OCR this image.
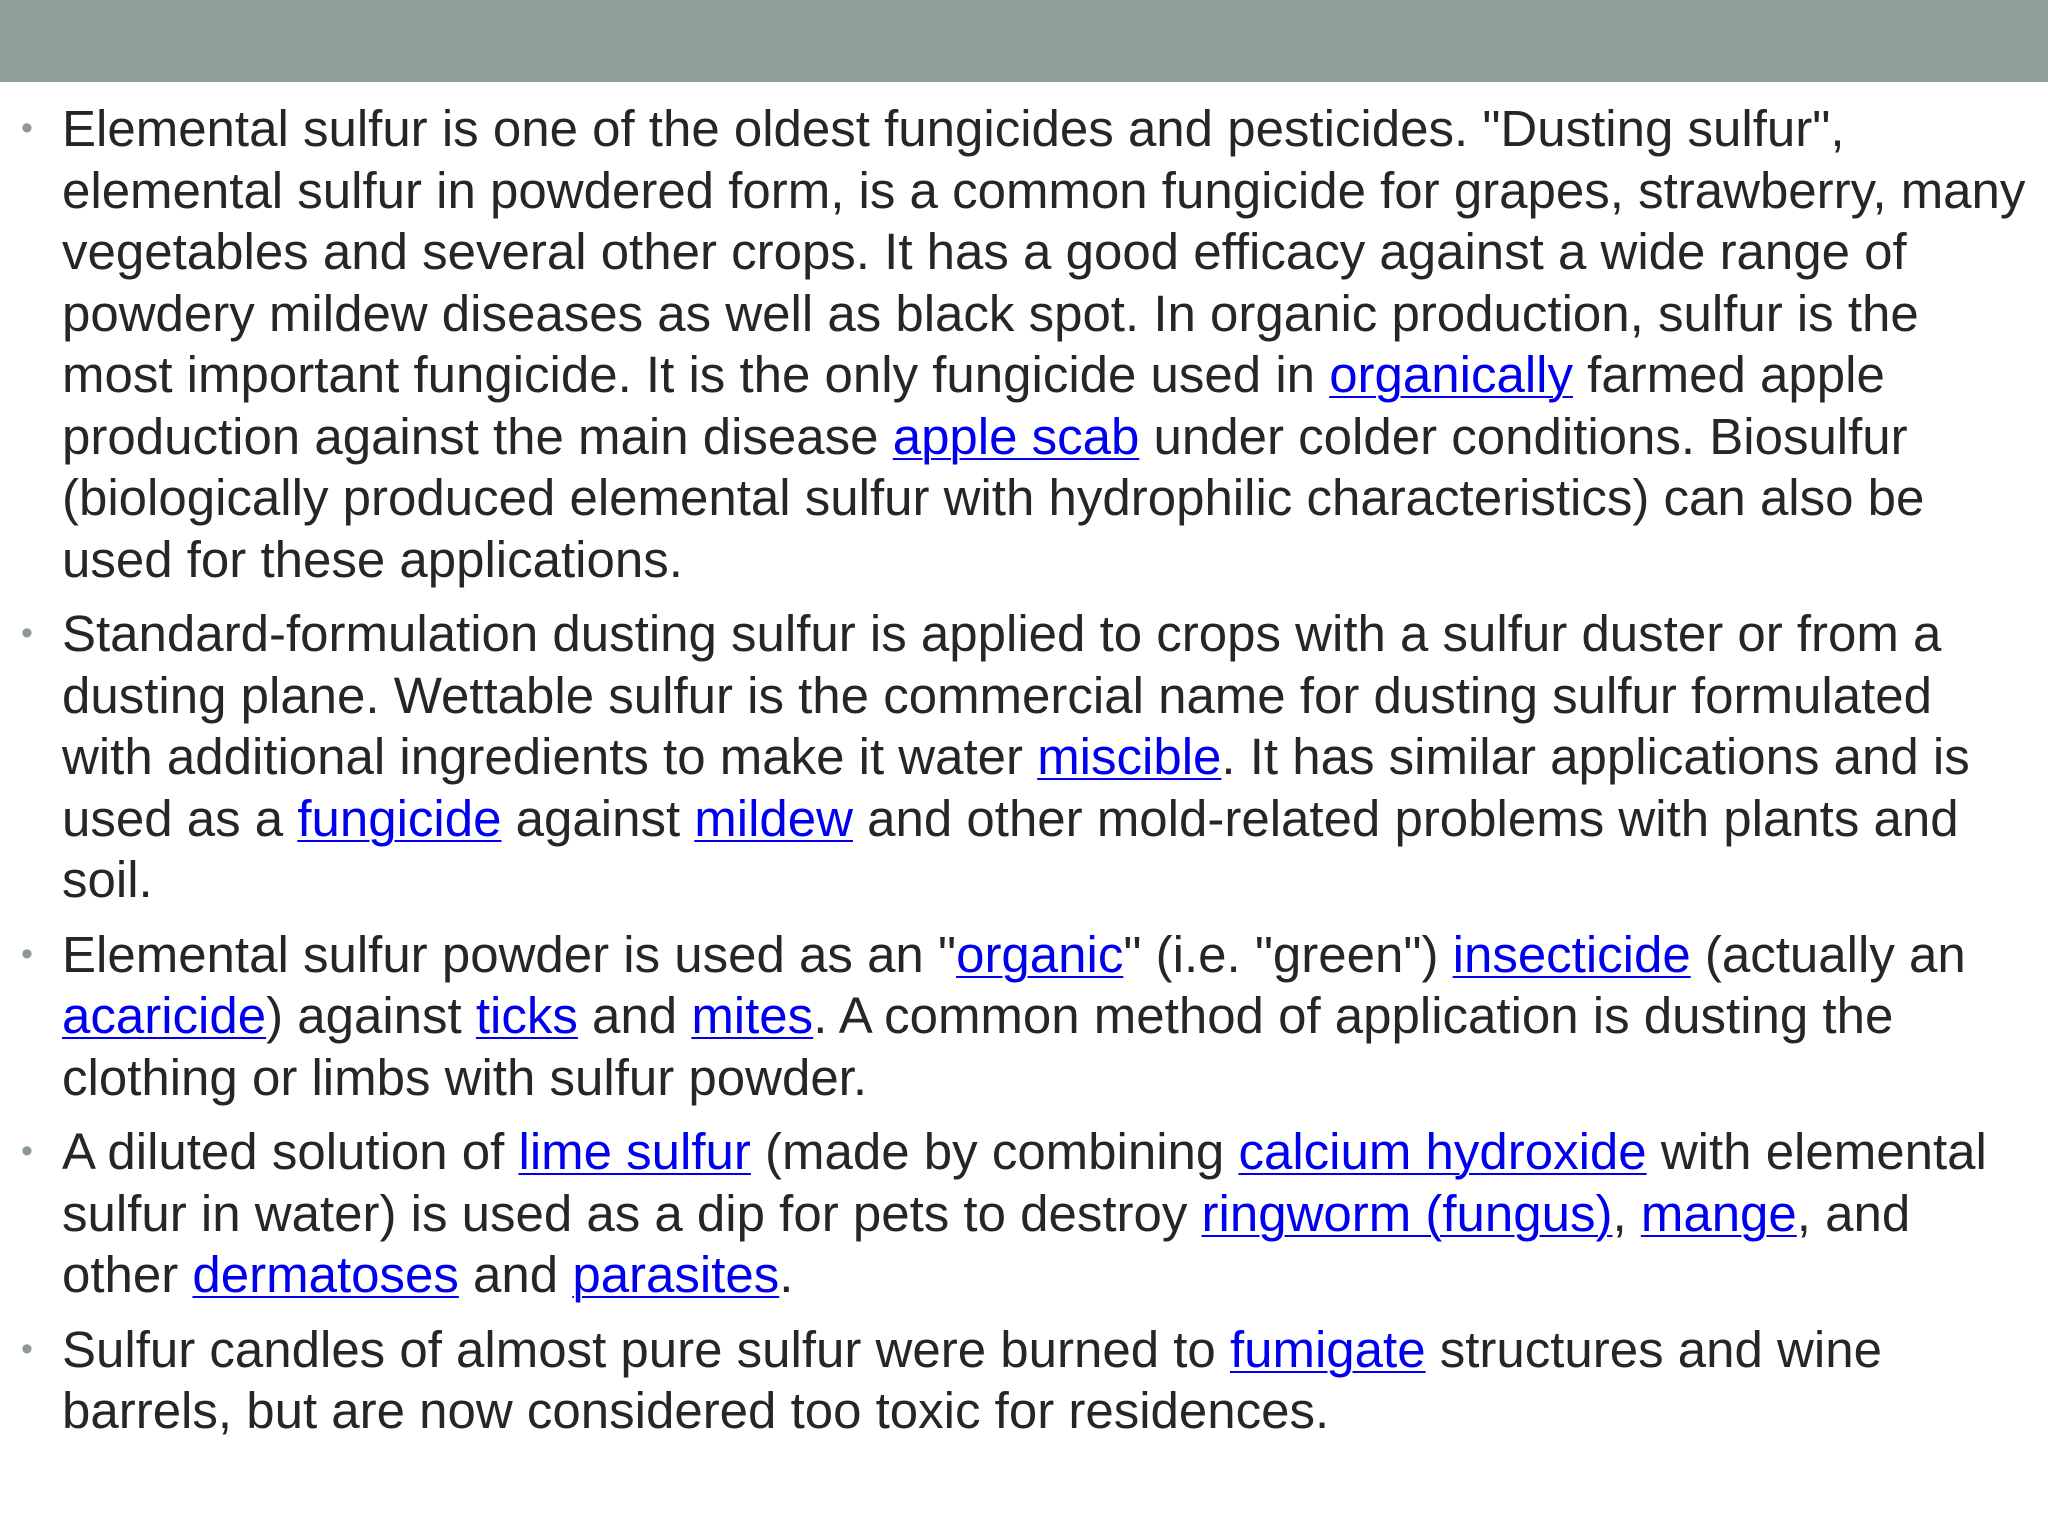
• Elemental sulfur is one of the oldest fungicides and pesticides. "Dusting sulfur", elemental sulfur in powdered form, is a common fungicide for grapes, strawberry, many vegetables and several other crops. It has a good efficacy against a wide range of powdery mildew diseases as well as black spot. In organic production, sulfur is the most important fungicide. It is the only fungicide used in organically farmed apple production against the main disease apple scab under colder conditions. Biosulfur (biologically produced elemental sulfur with hydrophilic characteristics) can also be used for these applications.
• Standard-formulation dusting sulfur is applied to crops with a sulfur duster or from a dusting plane. Wettable sulfur is the commercial name for dusting sulfur formulated with additional ingredients to make it water miscible. It has similar applications and is used as a fungicide against mildew and other mold-related problems with plants and soil.
• Elemental sulfur powder is used as an "organic" (i.e. "green") insecticide (actually an acaricide) against ticks and mites. A common method of application is dusting the clothing or limbs with sulfur powder.
• A diluted solution of lime sulfur (made by combining calcium hydroxide with elemental sulfur in water) is used as a dip for pets to destroy ringworm (fungus), mange, and other dermatoses and parasites.
• Sulfur candles of almost pure sulfur were burned to fumigate structures and wine barrels, but are now considered too toxic for residences.
